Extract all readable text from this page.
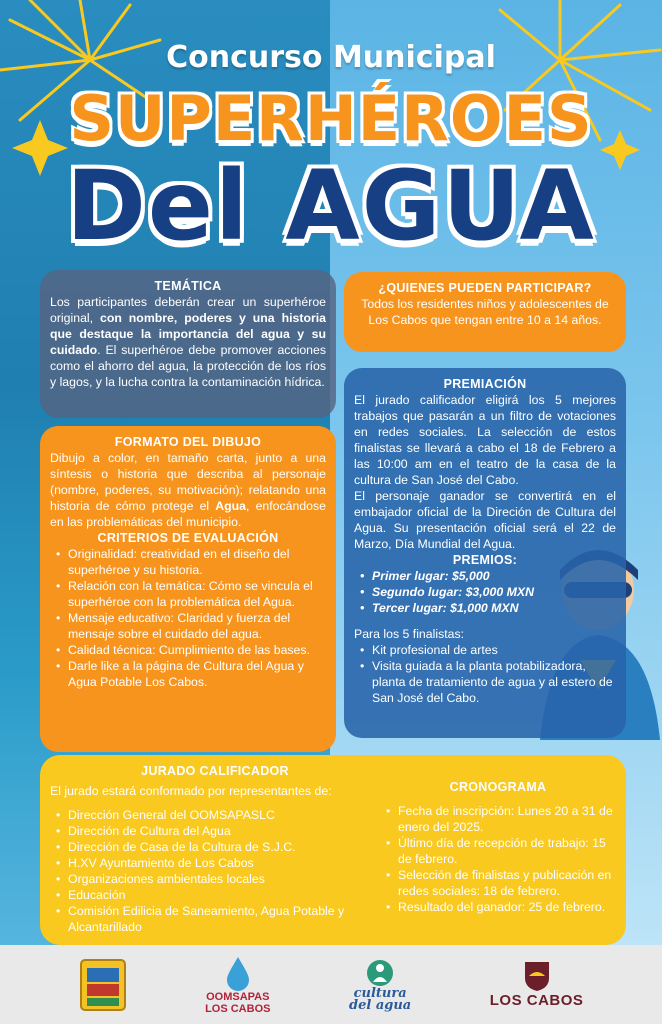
Concurso Municipal
SUPERHÉROES
Del AGUA
TEMÁTICA

Los participantes deberán crear un superhéroe original, con nombre, poderes y una historia que destaque la importancia del agua y su cuidado. El superhéroe debe promover acciones como el ahorro del agua, la protección de los ríos y lagos, y la lucha contra la contaminación hídrica.

¿QUIENES PUEDEN PARTICIPAR?

Todos los residentes niños y adolescentes de Los Cabos que tengan entre 10 a 14 años.

PREMIACIÓN

El jurado calificador eligirá los 5 mejores trabajos que pasarán a un filtro de votaciones en redes sociales. La selección de estos finalistas se llevará a cabo el 18 de Febrero a las 10:00 am en el teatro de la casa de la cultura de San José del Cabo.

El personaje ganador se convertirá en el embajador oficial de la Direción de Cultura del Agua. Su presentación oficial será el 22 de Marzo, Día Mundial del Agua.

PREMIOS:
• Primer lugar: $5,000
• Segundo lugar: $3,000 MXN
• Tercer lugar: $1,000 MXN

Para los 5 finalistas:

• Kit profesional de artes
• Visita guiada a la planta potabilizadora, planta de tratamiento de agua y al estero de San José del Cabo.
FORMATO DEL DIBUJO

Dibujo a color, en tamaño carta, junto a una síntesis o historia que describa al personaje (nombre, poderes, su motivación); relatando una historia de cómo protege el Agua, enfocándose en las problemáticas del municipio.

CRITERIOS DE EVALUACIÓN
• Originalidad: creatividad en el diseño del superhéroe y su historia.
• Relación con la temática: Cómo se vincula el superhéroe con la problemática del Agua.
• Mensaje educativo: Claridad y fuerza del mensaje sobre el cuidado del agua.
• Calidad técnica: Cumplimiento de las bases.
• Darle like a la página de Cultura del Agua y Agua Potable Los Cabos.
JURADO CALIFICADOR

El jurado estará conformado por representantes de:

• Dirección General del OOMSAPASLC
• Dirección de Cultura del Agua
• Dirección de Casa de la Cultura de S.J.C.
• H.XV Ayuntamiento de Los Cabos
• Organizaciones ambientales locales
• Educación
• Comisión Edilicia de Saneamiento, Agua Potable y Alcantarillado
CRONOGRAMA
• Fecha de inscripción: Lunes 20 a 31 de enero del 2025.
• Último día de recepción de trabajo: 15 de febrero.
• Selección de finalistas y publicación en redes sociales: 18 de febrero.
• Resultado del ganador: 25 de febrero.
OOMSAPAS
LOS CABOS
cultura
del agua	LOS CABOS
